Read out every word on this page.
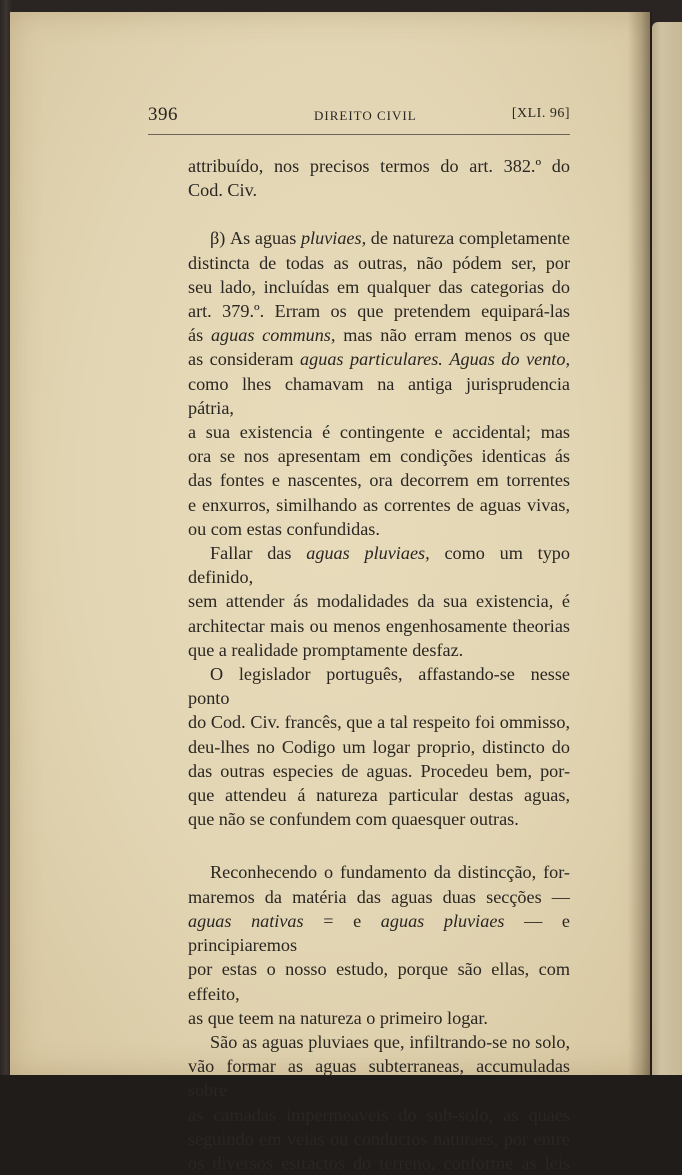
396	DIREITO CIVIL	[XLI. 96]

attribuído, nos precisos termos do art. 382.º do

Cod. Civ.

β) As aguas pluviaes, de natureza completamente

distincta de todas as outras, não pódem ser, por

seu lado, incluídas em qualquer das categorias do

art. 379.º. Erram os que pretendem equipará-las

ás aguas communs, mas não erram menos os que

as consideram aguas particulares. Aguas do vento,

como lhes chamavam na antiga jurisprudencia pátria,

a sua existencia é contingente e accidental; mas

ora se nos apresentam em condições identicas ás

das fontes e nascentes, ora decorrem em torrentes

e enxurros, similhando as correntes de aguas vivas,

ou com estas confundidas.

Fallar das aguas pluviaes, como um typo definido,

sem attender ás modalidades da sua existencia, é

architectar mais ou menos engenhosamente theorias

que a realidade promptamente desfaz.

O legislador português, affastando-se nesse ponto

do Cod. Civ. francês, que a tal respeito foi ommisso,

deu-lhes no Codigo um logar proprio, distincto do

das outras especies de aguas. Procedeu bem, por-

que attendeu á natureza particular destas aguas,

que não se confundem com quaesquer outras.

Reconhecendo o fundamento da distincção, for-

maremos da matéria das aguas duas secções —

aguas nativas = e aguas pluviaes — e principiaremos

por estas o nosso estudo, porque são ellas, com effeito,

as que teem na natureza o primeiro logar.

São as aguas pluviaes que, infiltrando-se no solo,

vão formar as aguas subterraneas, accumuladas sobre

as camadas impermeaveis do sub-solo, as quaes

seguindo em veias ou conductos naturaes, por entre

os diversos estractos do terreno, conforme as leis
